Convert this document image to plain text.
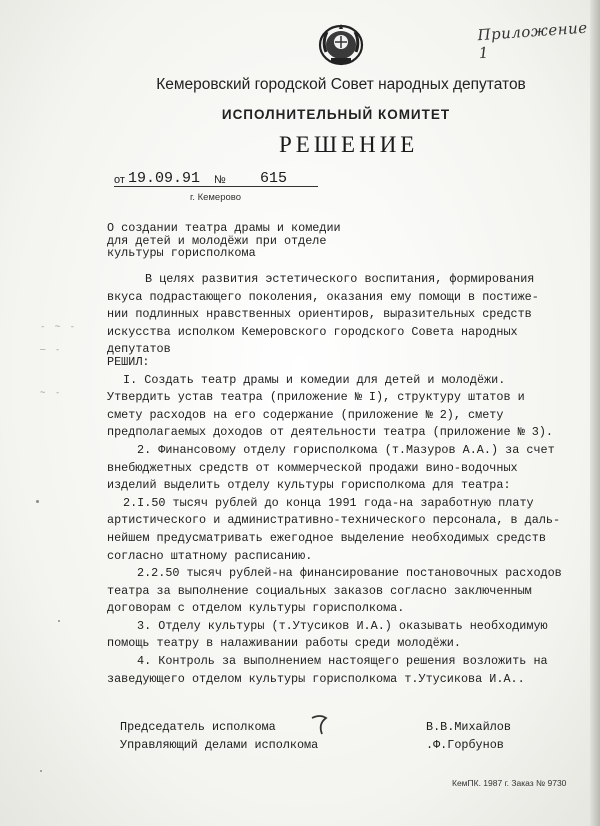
Приложение 1
Кемеровский городской Совет народных депутатов
ИСПОЛНИТЕЛЬНЫЙ КОМИТЕТ
РЕШЕНИЕ
от 19.09.91 № 615
г. Кемерово
О создании театра драмы и комедии
для детей и молодёжи при отделе
культуры горисполкома
- ~ -
— -
~ -
В целях развития эстетического воспитания, формирования
вкуса подрастающего поколения, оказания ему помощи в постиже-
нии подлинных нравственных ориентиров, выразительных средств
искусства исполком Кемеровского городского Совета народных
депутатов
РЕШИЛ:
I. Создать театр драмы и комедии для детей и молодёжи.
Утвердить устав театра (приложение № I), структуру штатов и
смету расходов на его содержание (приложение № 2), смету
предполагаемых доходов от деятельности театра (приложение № 3).
2. Финансовому отделу горисполкома (т.Мазуров А.А.) за счет
внебюджетных средств от коммерческой продажи вино-водочных
изделий выделить отделу культуры горисполкома для театра:
2.I.50 тысяч рублей до конца 1991 года-на заработную плату
артистического и административно-технического персонала, в даль-
нейшем предусматривать ежегодное выделение необходимых средств
согласно штатному расписанию.
2.2.50 тысяч рублей-на финансирование постановочных расходов
театра за выполнение социальных заказов согласно заключенным
договорам с отделом культуры горисполкома.
3. Отделу культуры (т.Утусиков И.А.) оказывать необходимую
помощь театру в налаживании работы среди молодёжи.
4. Контроль за выполнением настоящего решения возложить на
заведующего отделом культуры горисполкома т.Утусикова И.А..
Председатель исполкома	В.В.Михайлов
Управляющий делами исполкома	.Ф.Горбунов
КемПК. 1987 г. Заказ № 9730
